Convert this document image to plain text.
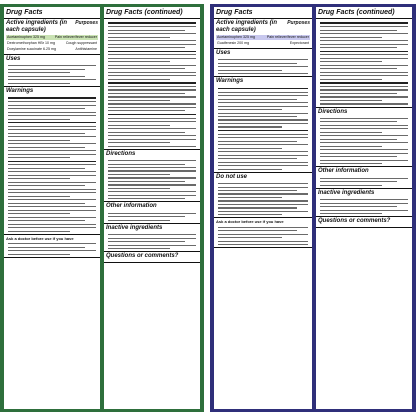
Drug Facts
Active ingredients (in each capsule)
Purposes
Acetaminophen 325 mg	Pain reliever/fever reducer
Dextromethorphan HBr 10 mg	Cough suppressant
Doxylamine succinate 6.25 mg	Antihistamine
Uses
Warnings
Ask a doctor before use if you have
Drug Facts (continued)
Directions
Other information
Inactive ingredients
Questions or comments?
Drug Facts
Active ingredients (in each capsule)
Purposes
Acetaminophen 325 mg	Pain reliever/fever reducer
Guaifenesin 200 mg	Expectorant
Uses
Warnings
Do not use
Ask a doctor before use if you have
Drug Facts (continued)
Directions
Other information
Inactive ingredients
Questions or comments?
